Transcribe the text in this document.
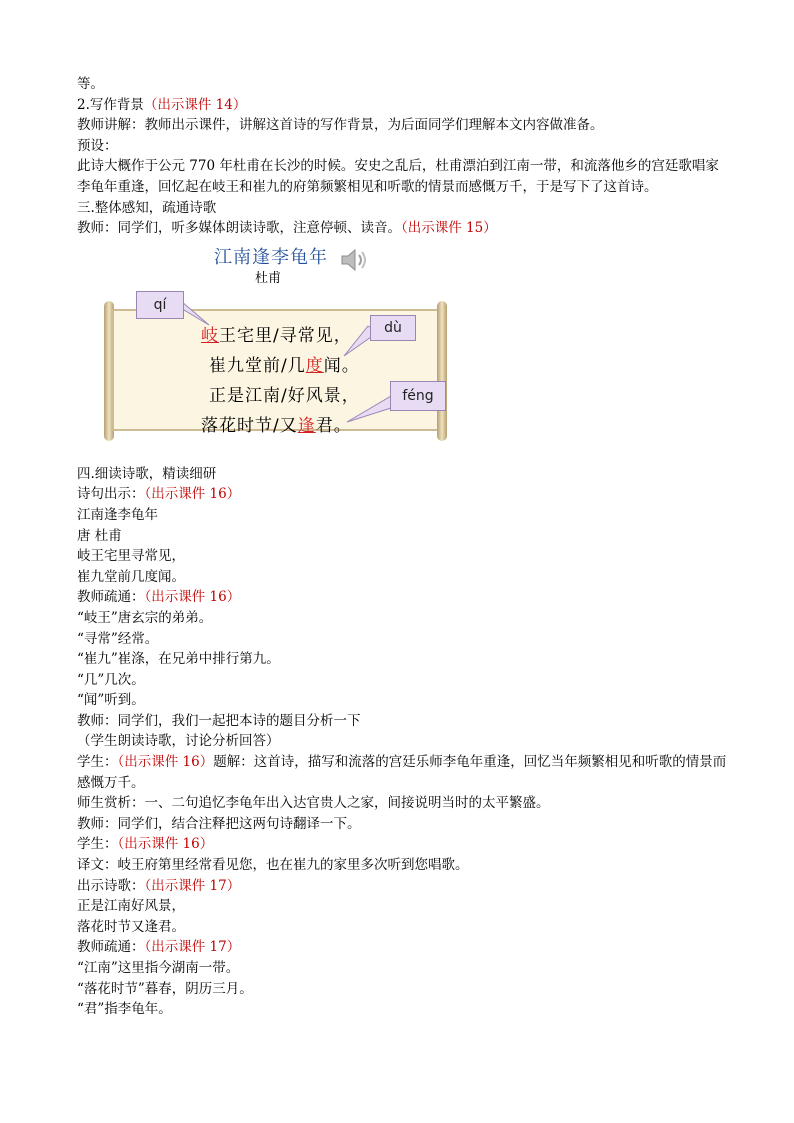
等。
2.写作背景（出示课件 14）
教师讲解：教师出示课件，讲解这首诗的写作背景，为后面同学们理解本文内容做准备。
预设：
此诗大概作于公元 770 年杜甫在长沙的时候。安史之乱后，杜甫漂泊到江南一带，和流落他乡的宫廷歌唱家李龟年重逢，回忆起在岐王和崔九的府第频繁相见和听歌的情景而感慨万千，于是写下了这首诗。
三.整体感知，疏通诗歌
教师：同学们，听多媒体朗读诗歌，注意停顿、读音。（出示课件 15）
江南逢李龟年
杜甫
岐王宅里/寻常见，
崔九堂前/几度闻。
正是江南/好风景，
落花时节/又逢君。
qí
dù
féng
四.细读诗歌，精读细研
诗句出示：（出示课件 16）
江南逢李龟年
唐 杜甫
岐王宅里寻常见，
崔九堂前几度闻。
教师疏通：（出示课件 16）
“岐王”唐玄宗的弟弟。
“寻常”经常。
“崔九”崔涤，在兄弟中排行第九。
“几”几次。
“闻”听到。
教师：同学们，我们一起把本诗的题目分析一下
（学生朗读诗歌，讨论分析回答）
学生：（出示课件 16）题解：这首诗，描写和流落的宫廷乐师李龟年重逢，回忆当年频繁相见和听歌的情景而感慨万千。
师生赏析：一、二句追忆李龟年出入达官贵人之家，间接说明当时的太平繁盛。
教师：同学们，结合注释把这两句诗翻译一下。
学生：（出示课件 16）
译文：岐王府第里经常看见您，也在崔九的家里多次听到您唱歌。
出示诗歌：（出示课件 17）
正是江南好风景，
落花时节又逢君。
教师疏通：（出示课件 17）
“江南”这里指今湖南一带。
“落花时节”暮春，阴历三月。
“君”指李龟年。
